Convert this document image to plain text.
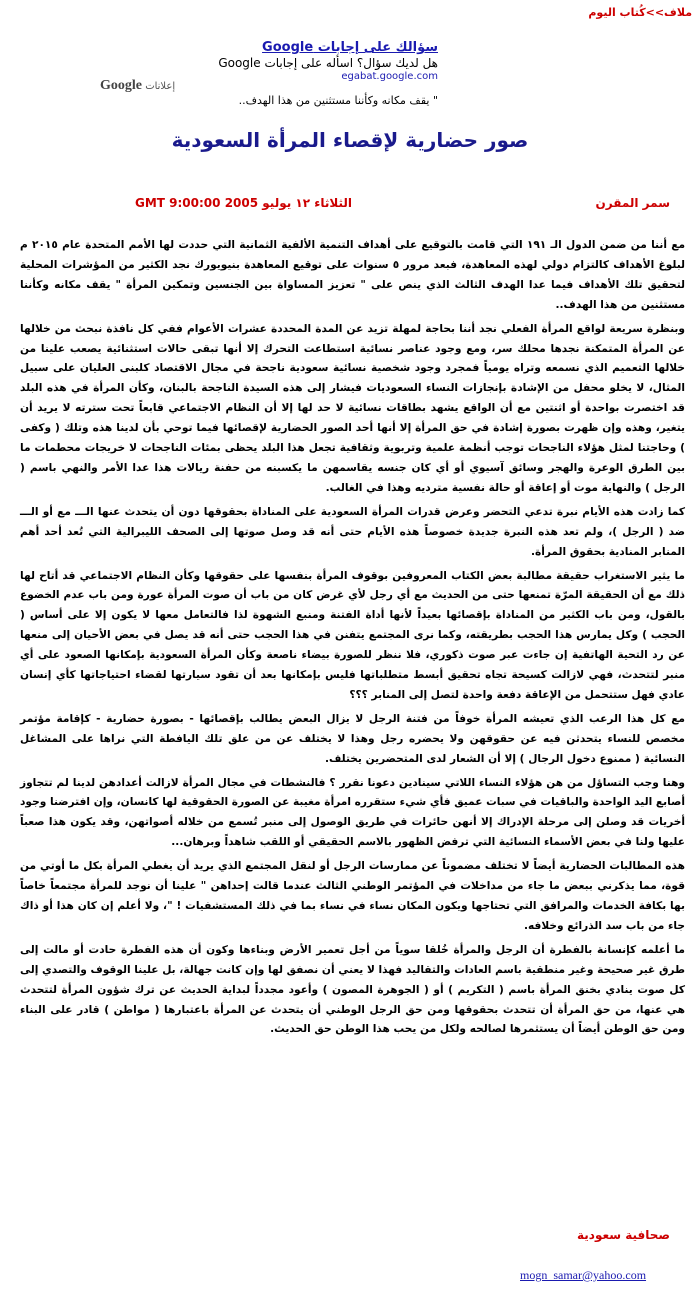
ملاف>>كُتاب اليوم
سؤالك على إجابات Google
هل لديك سؤال؟ اسأله على إجابات Google
egabat.google.com
Google إعلانات
" يقف مكانه وكأننا مستثنين من هذا الهدف..
صور حضارية لإقصاء المرأة السعودية
سمر المقرن
الثلاثاء ١٢ يوليو 2005 GMT 9:00:00

مع أننا من ضمن الدول الـ ١٩١ التي قامت بالتوقيع على أهداف التنمية الألفية الثمانية التي حددت لها الأمم المتحدة عام ٢٠١٥ م لبلوغ الأهداف كالتزام دولي لهذه المعاهدة، فبعد مرور ٥ سنوات على توقيع المعاهدة بنيويورك نجد الكثير من المؤشرات المحلية لتحقيق تلك الأهداف فيما عدا الهدف الثالث الذي ينص على " تعزيز المساواة بين الجنسين وتمكين المرأة " يقف مكانه وكأننا مستثنين من هذا الهدف..

وبنظرة سريعة لواقع المرأة الفعلي نجد أننا بحاجة لمهلة تزيد عن المدة المحددة عشرات الأعوام ففي كل نافذة نبحث من خلالها عن المرأة المتمكنة نجدها محلك سر، ومع وجود عناصر نسائية استطاعت التحرك إلا أنها تبقى حالات استثنائية يصعب علينا من خلالها التعميم الذي نسمعه وتراه يومياً فمجرد وجود شخصية نسائية سعودية ناجحة في مجال الاقتصاد كلبنى العليان على سبيل المثال، لا يخلو محفل من الإشادة بإنجازات النساء السعوديات فيشار إلى هذه السيدة الناجحة بالبنان، وكأن المرأة في هذه البلد قد اختصرت بواحدة أو اثنتين مع أن الواقع يشهد بطاقات نسائية لا حد لها إلا أن النظام الاجتماعي قابعاً تحت سترته لا يريد أن يتغير، وهذه وإن ظهرت بصورة إشادة في حق المرأة إلا أنها أحد الصور الحضارية لإقصائها فيما توحي بأن لدينا هذه وتلك ( وكفى ) وحاجتنا لمثل هؤلاء الناجحات توجب أنظمة علمية وتربوية وثقافية تجعل هذا البلد يحظى بمئات الناجحات لا خريجات محطمات ما بين الطرق الوعرة والهجر وسائق آسيوي أو أي كان جنسه يقاسمهن ما يكسبنه من حفنة ريالات هذا عدا الأمر والنهي باسم ( الرجل ) والنهاية موت أو إعاقة أو حالة نفسية مترديه وهذا في الغالب.

كما زادت هذه الأيام نبرة تدعي التحضر وعرض قدرات المرأة السعودية على المناداة بحقوقها دون أن يتحدث عنها الـــ مع أو الـــ ضد ( الرجل )، ولم تعد هذه النبرة جديدة خصوصاً هذه الأيام حتى أنه قد وصل صوتها إلى الصحف الليبرالية التي تُعد أحد أهم المنابر المنادية بحقوق المرأة.

ما يثير الاستغراب حقيقة مطالبة بعض الكتاب المعروفين بوقوف المرأة بنفسها على حقوقها وكأن النظام الاجتماعي قد أتاح لها ذلك مع أن الحقيقة المرّة تمنعها حتى من الحديث مع أي رجل لأي غرض كان من باب أن صوت المرأة عورة ومن باب عدم الخضوع بالقول، ومن باب الكثير من المناداة بإقصائها بعيداً لأنها أداة الفتنة ومنبع الشهوة لذا فالتعامل معها لا يكون إلا على أساس ( الحجب ) وكل يمارس هذا الحجب بطريقته، وكما نرى المجتمع يتفنن في هذا الحجب حتى أنه قد يصل في بعض الأحيان إلى منعها عن رد التحية الهاتفية إن جاءت عبر صوت ذكوري، فلا ننظر للصورة بيضاء ناصعة وكأن المرأة السعودية بإمكانها الصعود على أي منبر لتتحدث، فهي لازالت كسيحة تجاه تحقيق أبسط متطلباتها فليس بإمكانها بعد أن تقود سيارتها لقضاء احتياجاتها كأي إنسان عادي فهل ستتحمل من الإعاقة دفعة واحدة لتصل إلى المنابر ؟؟؟

مع كل هذا الرعب الذي تعيشه المرأة خوفاً من فتنة الرجل لا يزال البعض يطالب بإقصائها - بصورة حضارية - كإقامة مؤتمر مخصص للنساء يتحدثن فيه عن حقوقهن ولا يحضره رجل وهذا لا يختلف عن من علق تلك اليافطة التي نراها على المشاغل النسائية ( ممنوع دخول الرجال ) إلا أن الشعار لدى المتحضرين يختلف.

وهنا وجب التساؤل من هن هؤلاء النساء اللاتي سينادين دعونا نقرر ؟ فالنشطات في مجال المرأة لازالت أعدادهن لدينا لم تتجاوز أصابع اليد الواحدة والباقيات في سبات عميق فأي شيء ستقرره امرأة مغيبة عن الصورة الحقوقية لها كانسان، وإن افترضنا وجود أخريات قد وصلن إلى مرحلة الإدراك إلا أنهن حائرات في طريق الوصول إلى منبر تُسمع من خلاله أصواتهن، وقد يكون هذا صعباً عليها ولنا في بعض الأسماء النسائية التي ترفض الظهور بالاسم الحقيقي أو اللقب شاهداً وبرهان...

هذه المطالبات الحضارية أيضاً لا تختلف مضموناً عن ممارسات الرجل أو لنقل المجتمع الذي يريد أن يغطي المرأة بكل ما أوتي من قوة، مما يذكرني ببعض ما جاء من مداخلات في المؤتمر الوطني الثالث عندما قالت إحداهن " علينا أن نوجد للمرأة مجتمعاً خاصاً بها بكافة الخدمات والمرافق التي تحتاجها ويكون المكان نساء في نساء بما في ذلك المستشفيات ! "، ولا أعلم إن كان هذا أو ذاك جاء من باب سد الذرائع وخلافه.

ما أعلمه كإنسانة بالفطرة أن الرجل والمرأة خُلقا سوياً من أجل تعمير الأرض وبناءها وكون أن هذه الفطرة حادت أو مالت إلى طرق غير صحيحة وغير منطقية باسم العادات والتقاليد فهذا لا يعني أن نصفق لها وإن كانت جهالة، بل علينا الوقوف والتصدي إلى كل صوت ينادي بخنق المرأة باسم ( التكريم ) أو ( الجوهرة المصون ) وأعود مجدداً لبداية الحديث عن ترك شؤون المرأة لتتحدث هي عنها، من حق المرأة أن تتحدث بحقوقها ومن حق الرجل الوطني أن يتحدث عن المرأة باعتبارها ( مواطن ) قادر على البناء ومن حق الوطن أيضاً أن يستثمرها لصالحه ولكل من يحب هذا الوطن حق الحديث.

صحافية سعودية
mogn_samar@yahoo.com
